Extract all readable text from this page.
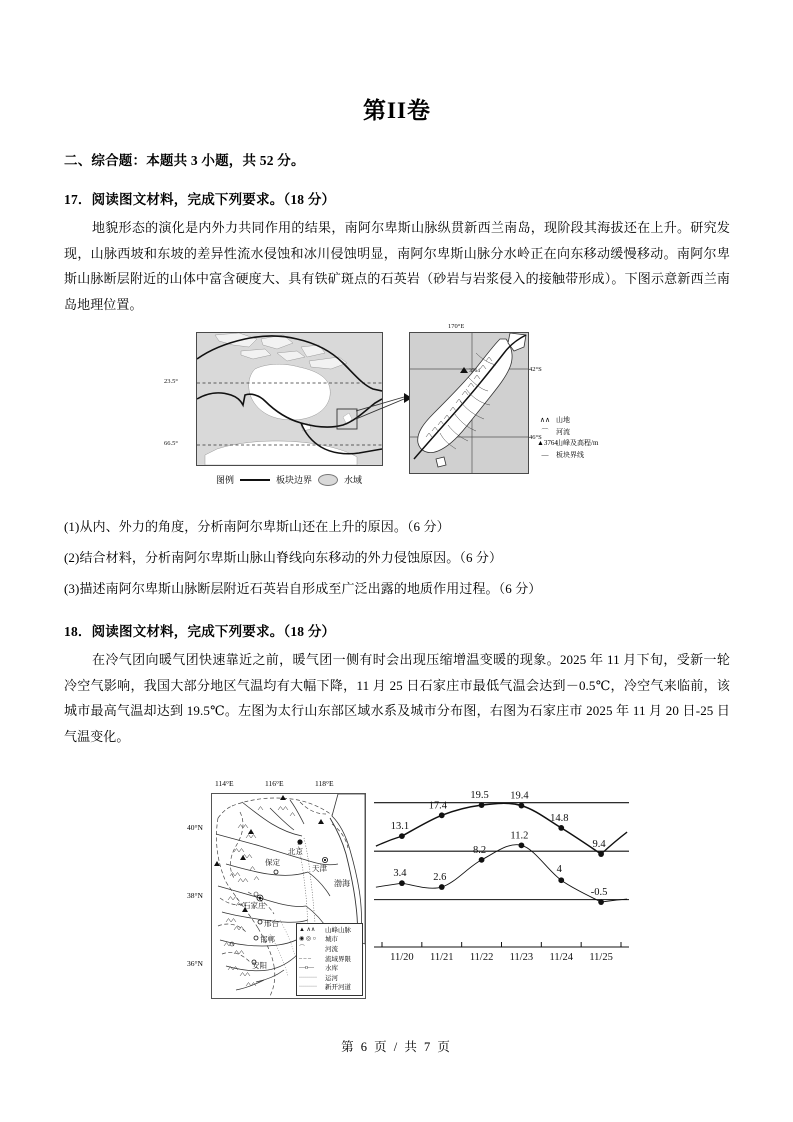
第II卷
二、综合题：本题共 3 小题，共 52 分。
17．阅读图文材料，完成下列要求。（18 分）
地貌形态的演化是内外力共同作用的结果，南阿尔卑斯山脉纵贯新西兰南岛，现阶段其海拔还在上升。研究发现，山脉西坡和东坡的差异性流水侵蚀和冰川侵蚀明显，南阿尔卑斯山脉分水岭正在向东移动缓慢移动。南阿尔卑斯山脉断层附近的山体中富含硬度大、具有铁矿斑点的石英岩（砂岩与岩浆侵入的接触带形成）。下图示意新西兰南岛地理位置。
23.5°
66.5°
170°E
42°S
46°S
3764
图例	板块边界	水域
∧∧ 山地
⌒	河流
▲3764
山峰及高程/m
—	板块界线
(1)从内、外力的角度，分析南阿尔卑斯山还在上升的原因。（6 分）
(2)结合材料，分析南阿尔卑斯山脉山脊线向东移动的外力侵蚀原因。（6 分）
(3)描述南阿尔卑斯山脉断层附近石英岩自形成至广泛出露的地质作用过程。（6 分）
18．阅读图文材料，完成下列要求。（18 分）
在冷气团向暖气团快速靠近之前，暖气团一侧有时会出现压缩增温变暖的现象。2025 年 11 月下旬，受新一轮冷空气影响，我国大部分地区气温均有大幅下降，11 月 25 日石家庄市最低气温会达到－0.5℃，冷空气来临前，该城市最高气温却达到 19.5℃。左图为太行山东部区域水系及城市分布图，右图为石家庄市 2025 年 11 月 20 日-25 日气温变化。
114°E	116°E	118°E
40°N
38°N
36°N
北京
天津
保定
石家庄
邢台
邯郸
安阳
渤海
▲ ∧∧	山峰山脉
◉ ◎ ○	城市
⌒	河流
– – –	流域界限
—o—	水库
·········	运河
·········	新开河道
13.1
17.4
19.5 19.4
14.8
9.4
3.4	2.6
8.2
11.2
4
-0.5
11/20 11/21 11/22 11/23 11/24 11/25
第 6 页 / 共 7 页
